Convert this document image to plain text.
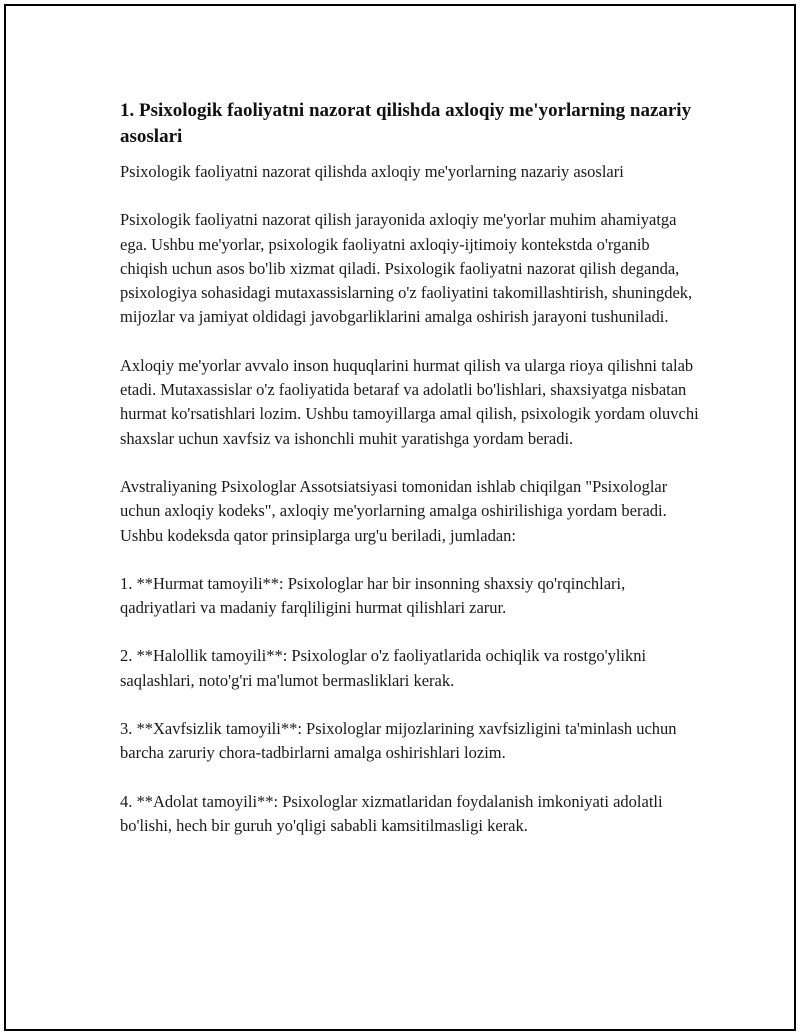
1. Psixologik faoliyatni nazorat qilishda axloqiy me'yorlarning nazariy asoslari

Psixologik faoliyatni nazorat qilishda axloqiy me'yorlarning nazariy asoslari

Psixologik faoliyatni nazorat qilish jarayonida axloqiy me'yorlar muhim ahamiyatga ega. Ushbu me'yorlar, psixologik faoliyatni axloqiy-ijtimoiy kontekstda o'rganib chiqish uchun asos bo'lib xizmat qiladi. Psixologik faoliyatni nazorat qilish deganda, psixologiya sohasidagi mutaxassislarning o'z faoliyatini takomillashtirish, shuningdek, mijozlar va jamiyat oldidagi javobgarliklarini amalga oshirish jarayoni tushuniladi.

Axloqiy me'yorlar avvalo inson huquqlarini hurmat qilish va ularga rioya qilishni talab etadi. Mutaxassislar o'z faoliyatida betaraf va adolatli bo'lishlari, shaxsiyatga nisbatan hurmat ko'rsatishlari lozim. Ushbu tamoyillarga amal qilish, psixologik yordam oluvchi shaxslar uchun xavfsiz va ishonchli muhit yaratishga yordam beradi.

Avstraliyaning Psixologlar Assotsiatsiyasi tomonidan ishlab chiqilgan "Psixologlar uchun axloqiy kodeks", axloqiy me'yorlarning amalga oshirilishiga yordam beradi. Ushbu kodeksda qator prinsiplarga urg'u beriladi, jumladan:

1. **Hurmat tamoyili**: Psixologlar har bir insonning shaxsiy qo'rqinchlari, qadriyatlari va madaniy farqliligini hurmat qilishlari zarur.

2. **Halollik tamoyili**: Psixologlar o'z faoliyatlarida ochiqlik va rostgo'ylikni saqlashlari, noto'g'ri ma'lumot bermasliklari kerak.

3. **Xavfsizlik tamoyili**: Psixologlar mijozlarining xavfsizligini ta'minlash uchun barcha zaruriy chora-tadbirlarni amalga oshirishlari lozim.

4. **Adolat tamoyili**: Psixologlar xizmatlaridan foydalanish imkoniyati adolatli bo'lishi, hech bir guruh yo'qligi sababli kamsitilmasligi kerak.
